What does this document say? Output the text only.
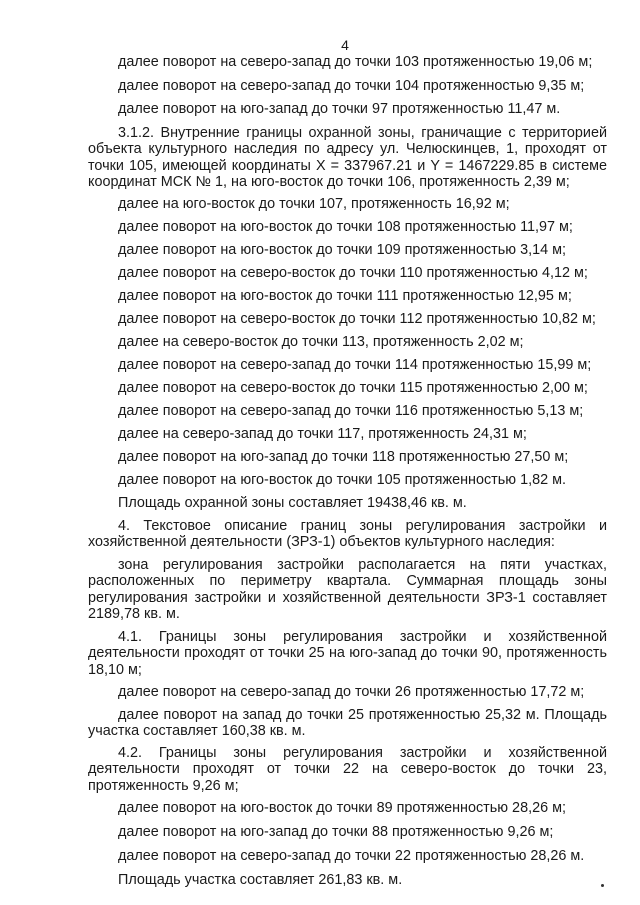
4
далее поворот на северо-запад до точки 103 протяженностью 19,06 м;
далее поворот на северо-запад до точки 104 протяженностью 9,35 м;
далее поворот на юго-запад до точки 97 протяженностью 11,47 м.
3.1.2. Внутренние границы охранной зоны, граничащие с территорией объекта культурного наследия по адресу ул. Челюскинцев, 1, проходят от точки 105, имеющей координаты X = 337967.21 и Y = 1467229.85 в системе координат МСК № 1, на юго-восток до точки 106, протяженность 2,39 м;
далее на юго-восток до точки 107, протяженность 16,92 м;
далее поворот на юго-восток до точки 108 протяженностью 11,97 м;
далее поворот на юго-восток до точки 109 протяженностью 3,14 м;
далее поворот на северо-восток до точки 110 протяженностью 4,12 м;
далее поворот на юго-восток до точки 111 протяженностью 12,95 м;
далее поворот на северо-восток до точки 112 протяженностью 10,82 м;
далее на северо-восток до точки 113, протяженность 2,02 м;
далее поворот на северо-запад до точки 114 протяженностью 15,99 м;
далее поворот на северо-восток до точки 115 протяженностью 2,00 м;
далее поворот на северо-запад до точки 116 протяженностью 5,13 м;
далее на северо-запад до точки 117, протяженность 24,31 м;
далее поворот на юго-запад до точки 118 протяженностью 27,50 м;
далее поворот на юго-восток до точки 105 протяженностью 1,82 м.
Площадь охранной зоны составляет 19438,46 кв. м.
4. Текстовое описание границ зоны регулирования застройки и хозяйственной деятельности (ЗРЗ-1) объектов культурного наследия:
зона регулирования застройки располагается на пяти участках, расположенных по периметру квартала. Суммарная площадь зоны регулирования застройки и хозяйственной деятельности ЗРЗ-1 составляет 2189,78 кв. м.
4.1. Границы зоны регулирования застройки и хозяйственной деятельности проходят от точки 25 на юго-запад до точки 90, протяженность 18,10 м;
далее поворот на северо-запад до точки 26 протяженностью 17,72 м;
далее поворот на запад до точки 25 протяженностью 25,32 м. Площадь участка составляет 160,38 кв. м.
4.2. Границы зоны регулирования застройки и хозяйственной деятельности проходят от точки 22 на северо-восток до точки 23, протяженность 9,26 м;
далее поворот на юго-восток до точки 89 протяженностью 28,26 м;
далее поворот на юго-запад до точки 88 протяженностью 9,26 м;
далее поворот на северо-запад до точки 22 протяженностью 28,26 м.
Площадь участка составляет 261,83 кв. м.
